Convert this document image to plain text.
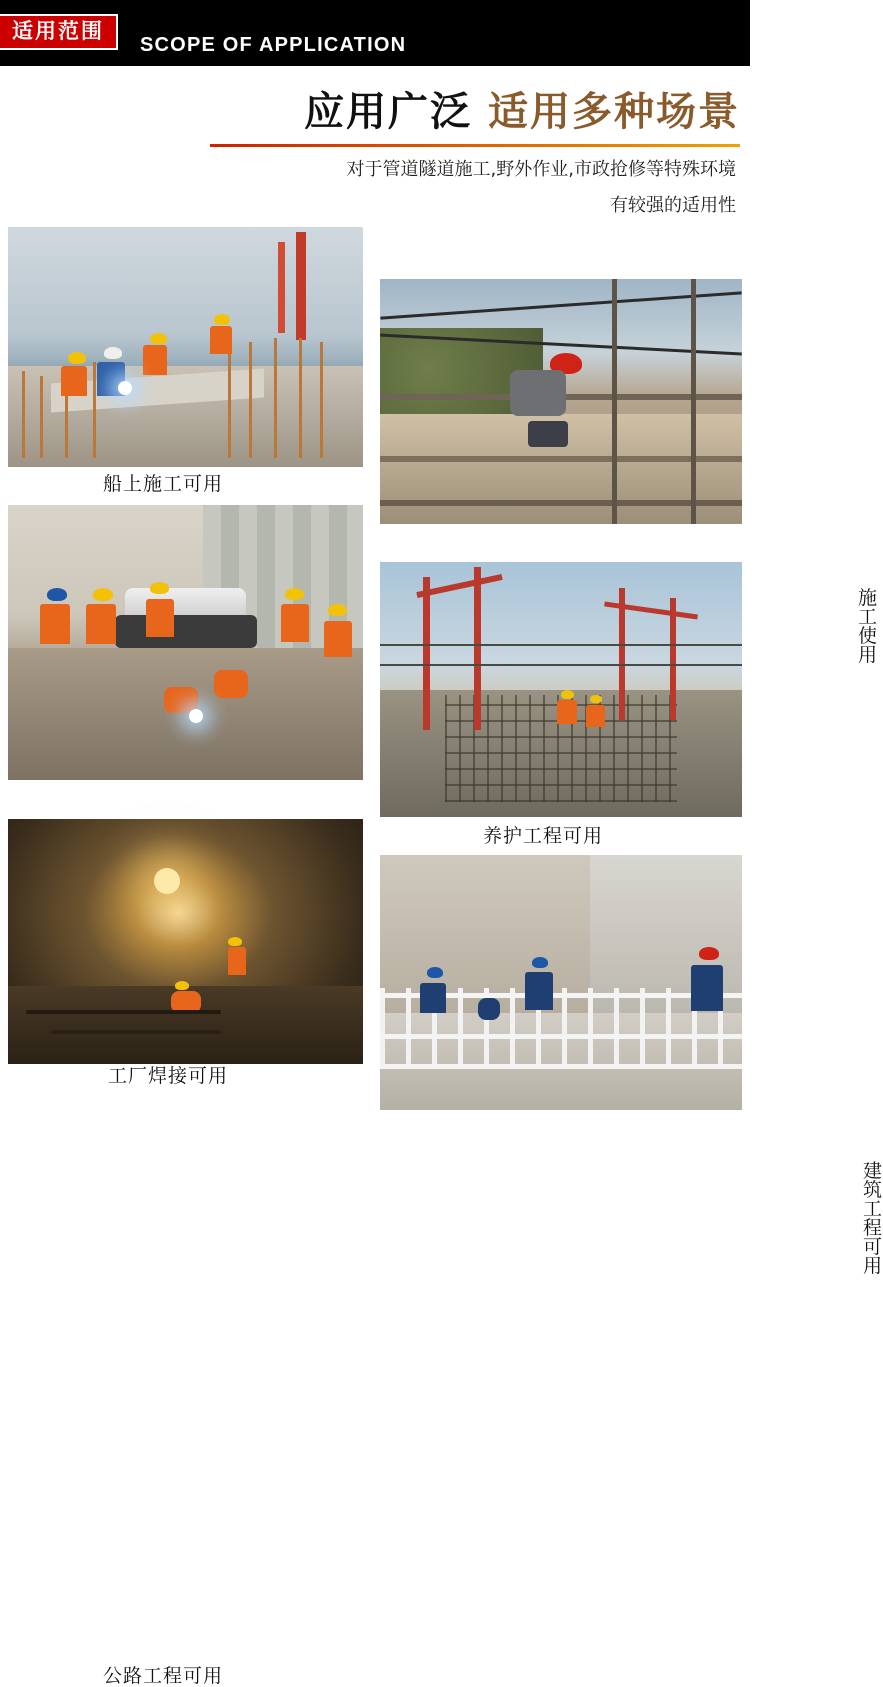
适用范围
SCOPE OF APPLICATION
应用广泛 适用多种场景
对于管道隧道施工,野外作业,市政抢修等特殊环境
有较强的适用性
船上施工可用
施工使用
工厂焊接可用
建筑工程可用
公路工程可用
养护工程可用
